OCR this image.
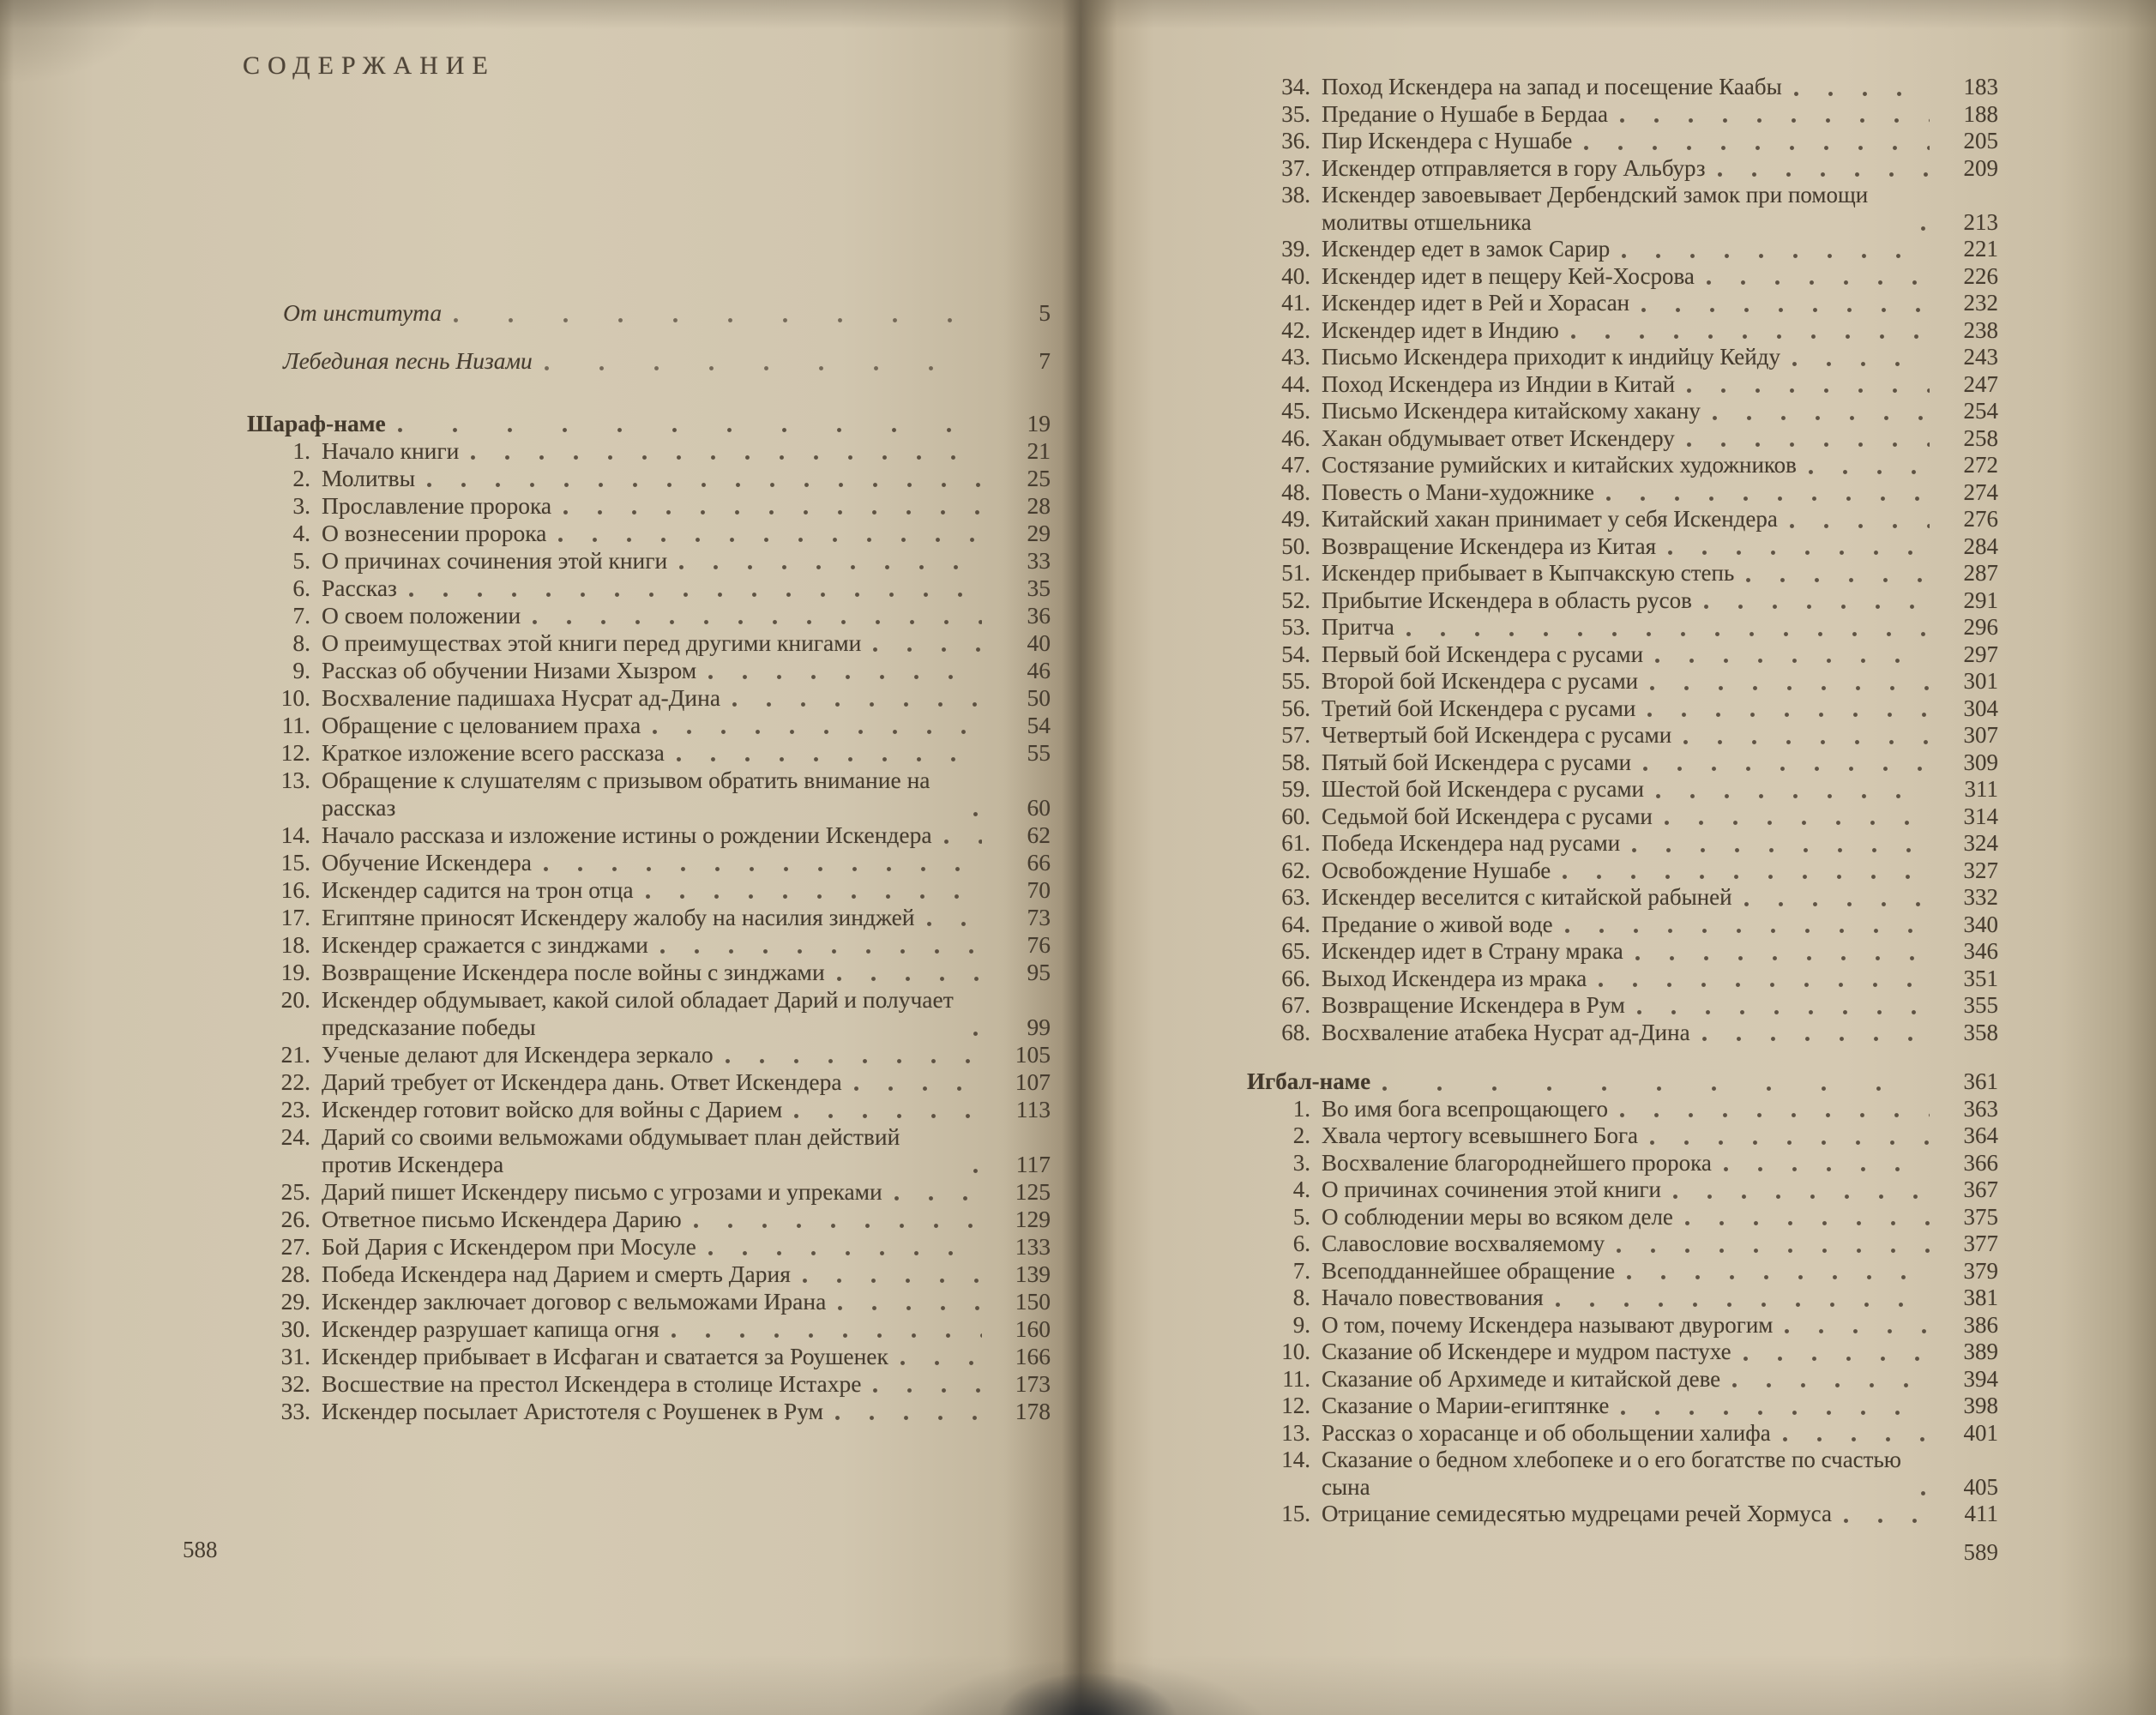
СОДЕРЖАНИЕ
От института	5
Лебединая песнь Низами	7
Шараф-наме	19
1. Начало книги	21
2. Молитвы	25
3. Прославление пророка	28
4. О вознесении пророка	29
5. О причинах сочинения этой книги	33
6. Рассказ	35
7. О своем положении	36
8. О преимуществах этой книги перед другими книгами	40
9. Рассказ об обучении Низами Хызром	46
10. Восхваление падишаха Нусрат ад-Дина	50
11. Обращение с целованием праха	54
12. Краткое изложение всего рассказа	55
13. Обращение к слушателям с призывом обратить внимание на рассказ	60
14. Начало рассказа и изложение истины о рождении Искендера	62
15. Обучение Искендера	66
16. Искендер садится на трон отца	70
17. Египтяне приносят Искендеру жалобу на насилия зинджей	73
18. Искендер сражается с зинджами	76
19. Возвращение Искендера после войны с зинджами	95
20. Искендер обдумывает, какой силой обладает Дарий и получает предсказание победы	99
21. Ученые делают для Искендера зеркало	105
22. Дарий требует от Искендера дань. Ответ Искендера	107
23. Искендер готовит войско для войны с Дарием	113
24. Дарий со своими вельможами обдумывает план действий против Искендера	117
25. Дарий пишет Искендеру письмо с угрозами и упреками	125
26. Ответное письмо Искендера Дарию	129
27. Бой Дария с Искендером при Мосуле	133
28. Победа Искендера над Дарием и смерть Дария	139
29. Искендер заключает договор с вельможами Ирана	150
30. Искендер разрушает капища огня	160
31. Искендер прибывает в Исфаган и сватается за Роушенек	166
32. Восшествие на престол Искендера в столице Истахре	173
33. Искендер посылает Аристотеля с Роушенек в Рум	178
588
34. Поход Искендера на запад и посещение Каабы	183
35. Предание о Нушабе в Бердаа	188
36. Пир Искендера с Нушабе	205
37. Искендер отправляется в гору Альбурз	209
38. Искендер завоевывает Дербендский замок при помощи молитвы отшельника	213
39. Искендер едет в замок Сарир	221
40. Искендер идет в пещеру Кей-Хосрова	226
41. Искендер идет в Рей и Хорасан	232
42. Искендер идет в Индию	238
43. Письмо Искендера приходит к индийцу Кейду	243
44. Поход Искендера из Индии в Китай	247
45. Письмо Искендера китайскому хакану	254
46. Хакан обдумывает ответ Искендеру	258
47. Состязание румийских и китайских художников	272
48. Повесть о Мани-художнике	274
49. Китайский хакан принимает у себя Искендера	276
50. Возвращение Искендера из Китая	284
51. Искендер прибывает в Кыпчакскую степь	287
52. Прибытие Искендера в область русов	291
53. Притча	296
54. Первый бой Искендера с русами	297
55. Второй бой Искендера с русами	301
56. Третий бой Искендера с русами	304
57. Четвертый бой Искендера с русами	307
58. Пятый бой Искендера с русами	309
59. Шестой бой Искендера с русами	311
60. Седьмой бой Искендера с русами	314
61. Победа Искендера над русами	324
62. Освобождение Нушабе	327
63. Искендер веселится с китайской рабыней	332
64. Предание о живой воде	340
65. Искендер идет в Страну мрака	346
66. Выход Искендера из мрака	351
67. Возвращение Искендера в Рум	355
68. Восхваление атабека Нусрат ад-Дина	358
Игбал-наме	361
1. Во имя бога всепрощающего	363
2. Хвала чертогу всевышнего Бога	364
3. Восхваление благороднейшего пророка	366
4. О причинах сочинения этой книги	367
5. О соблюдении меры во всяком деле	375
6. Славословие восхваляемому	377
7. Всеподданнейшее обращение	379
8. Начало повествования	381
9. О том, почему Искендера называют двурогим	386
10. Сказание об Искендере и мудром пастухе	389
11. Сказание об Архимеде и китайской деве	394
12. Сказание о Марии-египтянке	398
13. Рассказ о хорасанце и об обольщении халифа	401
14. Сказание о бедном хлебопеке и о его богатстве по счастью сына	405
15. Отрицание семидесятью мудрецами речей Хормуса	411
589
